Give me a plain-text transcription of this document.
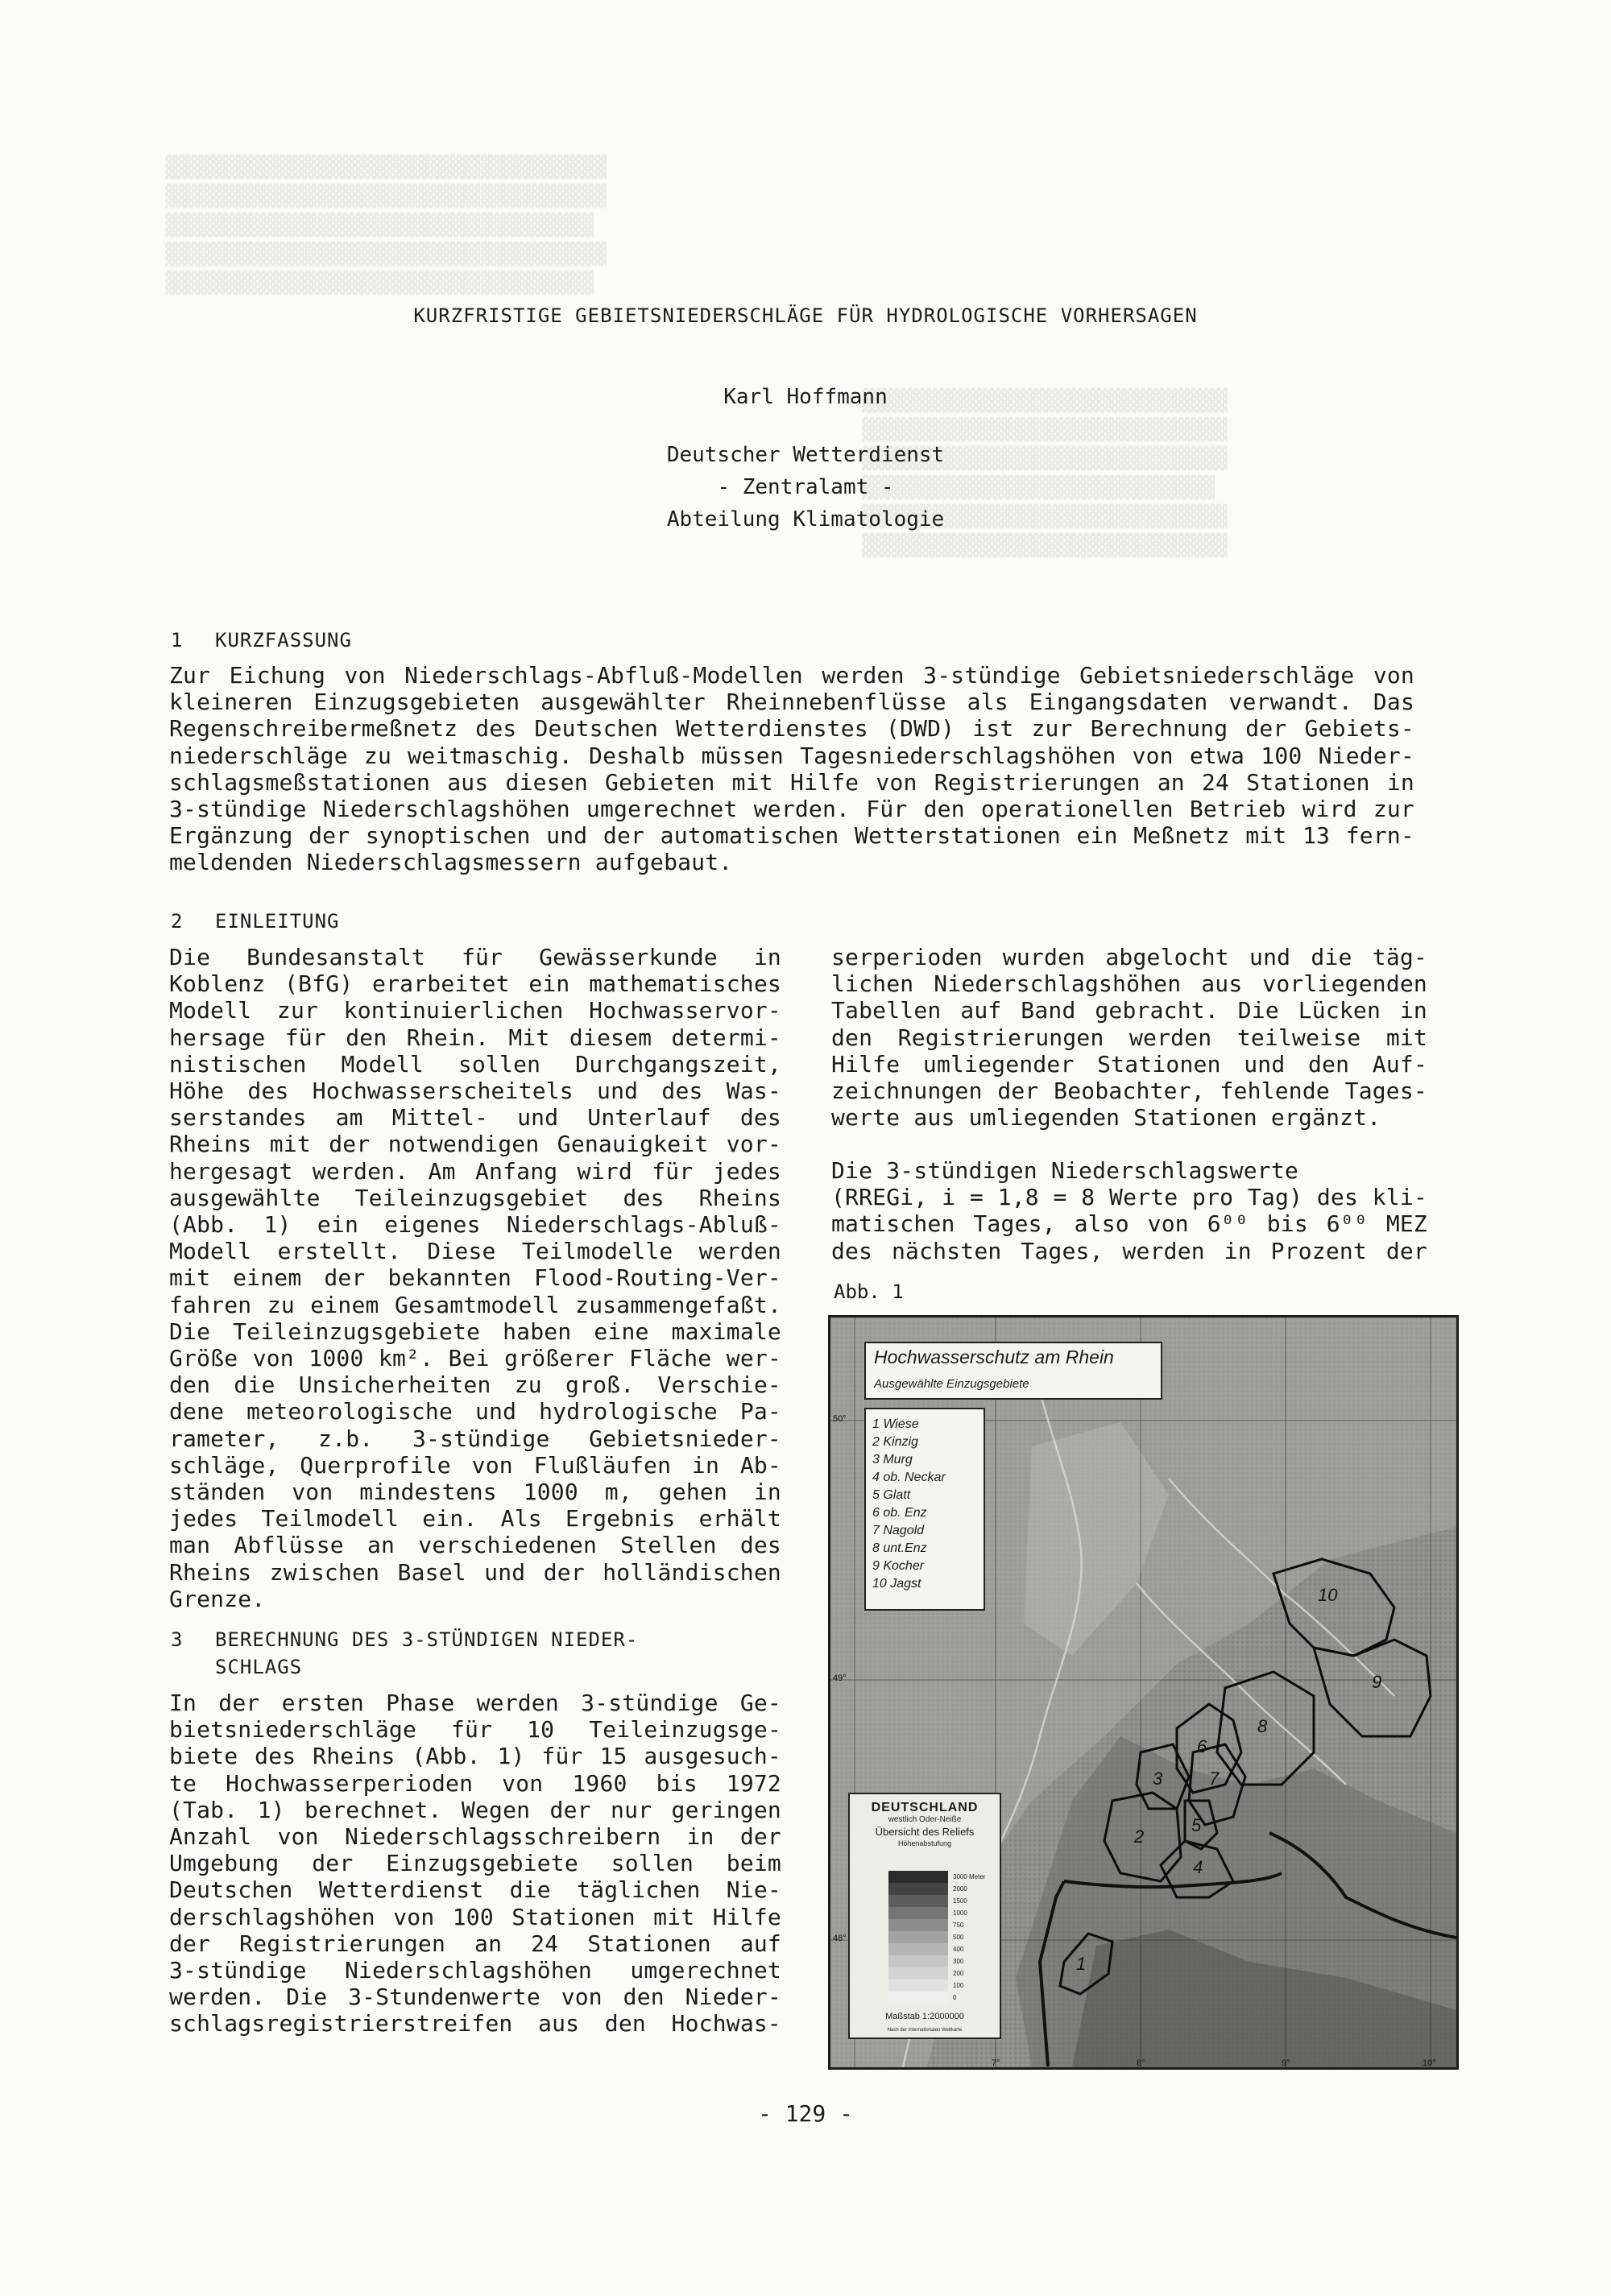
▓▓▓▓▓▓▓▓▓▓▓▓▓▓▓▓▓▓▓▓▓▓▓▓▓▓▓▓▓▓▓▓▓▓▓
▓▓▓▓▓▓▓▓▓▓▓▓▓▓▓▓▓▓▓▓▓▓▓▓▓▓▓▓▓▓▓▓▓▓▓
▓▓▓▓▓▓▓▓▓▓▓▓▓▓▓▓▓▓▓▓▓▓▓▓▓▓▓▓▓▓▓▓▓▓
▓▓▓▓▓▓▓▓▓▓▓▓▓▓▓▓▓▓▓▓▓▓▓▓▓▓▓▓▓▓▓▓▓▓▓
▓▓▓▓▓▓▓▓▓▓▓▓▓▓▓▓▓▓▓▓▓▓▓▓▓▓▓▓▓▓▓▓▓▓
▓▓▓▓▓▓▓▓▓▓▓▓▓▓▓▓▓▓▓▓▓▓▓▓▓▓▓▓▓
▓▓▓▓▓▓▓▓▓▓▓▓▓▓▓▓▓▓▓▓▓▓▓▓▓▓▓▓▓
▓▓▓▓▓▓▓▓▓▓▓▓▓▓▓▓▓▓▓▓▓▓▓▓▓▓▓▓▓
▓▓▓▓▓▓▓▓▓▓▓▓▓▓▓▓▓▓▓▓▓▓▓▓▓▓▓▓
▓▓▓▓▓▓▓▓▓▓▓▓▓▓▓▓▓▓▓▓▓▓▓▓▓▓▓▓▓
▓▓▓▓▓▓▓▓▓▓▓▓▓▓▓▓▓▓▓▓▓▓▓▓▓▓▓▓▓
KURZFRISTIGE GEBIETSNIEDERSCHLÄGE FÜR HYDROLOGISCHE VORHERSAGEN
Karl Hoffmann
Deutscher Wetterdienst
- Zentralamt -
Abteilung Klimatologie
1 KURZFASSUNG
Zur Eichung von Niederschlags-Abfluß-Modellen werden 3-stündige Gebietsniederschläge von
kleineren Einzugsgebieten ausgewählter Rheinnebenflüsse als Eingangsdaten verwandt. Das
Regenschreibermeßnetz des Deutschen Wetterdienstes (DWD) ist zur Berechnung der Gebiets-
niederschläge zu weitmaschig. Deshalb müssen Tagesniederschlagshöhen von etwa 100 Nieder-
schlagsmeßstationen aus diesen Gebieten mit Hilfe von Registrierungen an 24 Stationen in
3-stündige Niederschlagshöhen umgerechnet werden. Für den operationellen Betrieb wird zur
Ergänzung der synoptischen und der automatischen Wetterstationen ein Meßnetz mit 13 fern-
meldenden Niederschlagsmessern aufgebaut.
2 EINLEITUNG
Die Bundesanstalt für Gewässerkunde in
Koblenz (BfG) erarbeitet ein mathematisches
Modell zur kontinuierlichen Hochwasservor-
hersage für den Rhein. Mit diesem determi-
nistischen Modell sollen Durchgangszeit,
Höhe des Hochwasserscheitels und des Was-
serstandes am Mittel- und Unterlauf des
Rheins mit der notwendigen Genauigkeit vor-
hergesagt werden. Am Anfang wird für jedes
ausgewählte Teileinzugsgebiet des Rheins
(Abb. 1) ein eigenes Niederschlags-Abluß-
Modell erstellt. Diese Teilmodelle werden
mit einem der bekannten Flood-Routing-Ver-
fahren zu einem Gesamtmodell zusammengefaßt.
Die Teileinzugsgebiete haben eine maximale
Größe von 1000 km². Bei größerer Fläche wer-
den die Unsicherheiten zu groß. Verschie-
dene meteorologische und hydrologische Pa-
rameter, z.b. 3-stündige Gebietsnieder-
schläge, Querprofile von Flußläufen in Ab-
ständen von mindestens 1000 m, gehen in
jedes Teilmodell ein. Als Ergebnis erhält
man Abflüsse an verschiedenen Stellen des
Rheins zwischen Basel und der holländischen
Grenze.
3 BERECHNUNG DES 3-STÜNDIGEN NIEDER-
SCHLAGS
In der ersten Phase werden 3-stündige Ge-
bietsniederschläge für 10 Teileinzugsge-
biete des Rheins (Abb. 1) für 15 ausgesuch-
te Hochwasserperioden von 1960 bis 1972
(Tab. 1) berechnet. Wegen der nur geringen
Anzahl von Niederschlagsschreibern in der
Umgebung der Einzugsgebiete sollen beim
Deutschen Wetterdienst die täglichen Nie-
derschlagshöhen von 100 Stationen mit Hilfe
der Registrierungen an 24 Stationen auf
3-stündige Niederschlagshöhen umgerechnet
werden. Die 3-Stundenwerte von den Nieder-
schlagsregistrierstreifen aus den Hochwas-
serperioden wurden abgelocht und die täg-
lichen Niederschlagshöhen aus vorliegenden
Tabellen auf Band gebracht. Die Lücken in
den Registrierungen werden teilweise mit
Hilfe umliegender Stationen und den Auf-
zeichnungen der Beobachter, fehlende Tages-
werte aus umliegenden Stationen ergänzt.
Die 3-stündigen Niederschlagswerte
(RREGi, i = 1,8 = 8 Werte pro Tag) des kli-
matischen Tages, also von 6⁰⁰ bis 6⁰⁰ MEZ
des nächsten Tages, werden in Prozent der
Abb. 1
Hochwasserschutz am Rhein
Ausgewählte Einzugsgebiete
1 Wiese
2 Kinzig
3 Murg
4 ob. Neckar
5 Glatt
6 ob. Enz
7 Nagold
8 unt.Enz
9 Kocher
10 Jagst
10
9
8
6
7
3
2
5
4
1
50°
49°
48°
7°	8°	9°	10°
DEUTSCHLAND
westlich Oder-Neiße
Übersicht des Reliefs
Höhenabstufung
3000 Meter
2000
1500
1000
750
500
400
300
200
100
0
Maßstab 1:2000000
Nach der Internationalen Weltkarte
- 129 -
